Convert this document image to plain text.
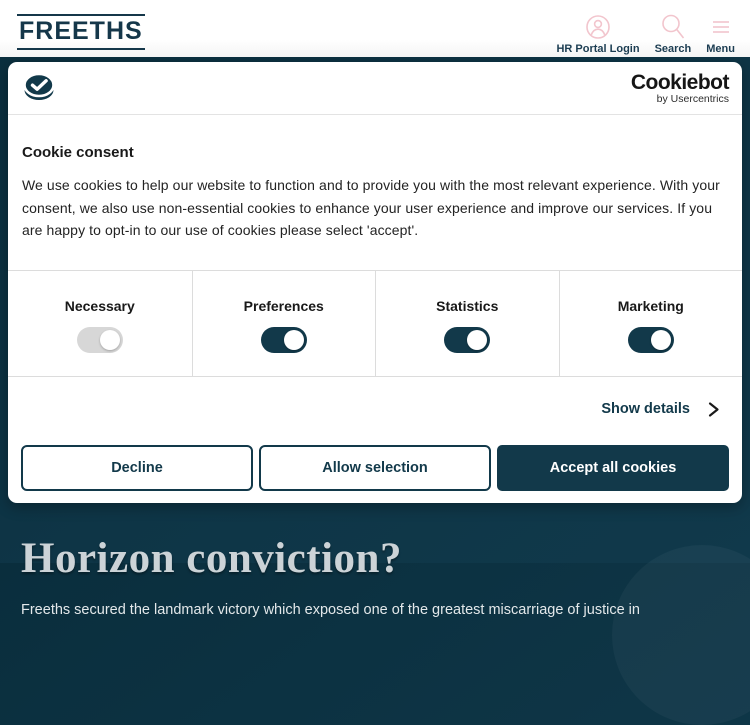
Horizon conviction?

Freeths secured the landmark victory which exposed one of the greatest miscarriage of justice in

FREETHS
HR Portal Login Search Menu
Cookiebot
by Usercentrics
Cookie consent

We use cookies to help our website to function and to provide you with the most relevant experience. With your consent, we also use non-essential cookies to enhance your user experience and improve our services. If you are happy to opt-in to our use of cookies please select 'accept'.

Necessary	Preferences	Statistics	Marketing
Show details
Decline	Allow selection	Accept all cookies
